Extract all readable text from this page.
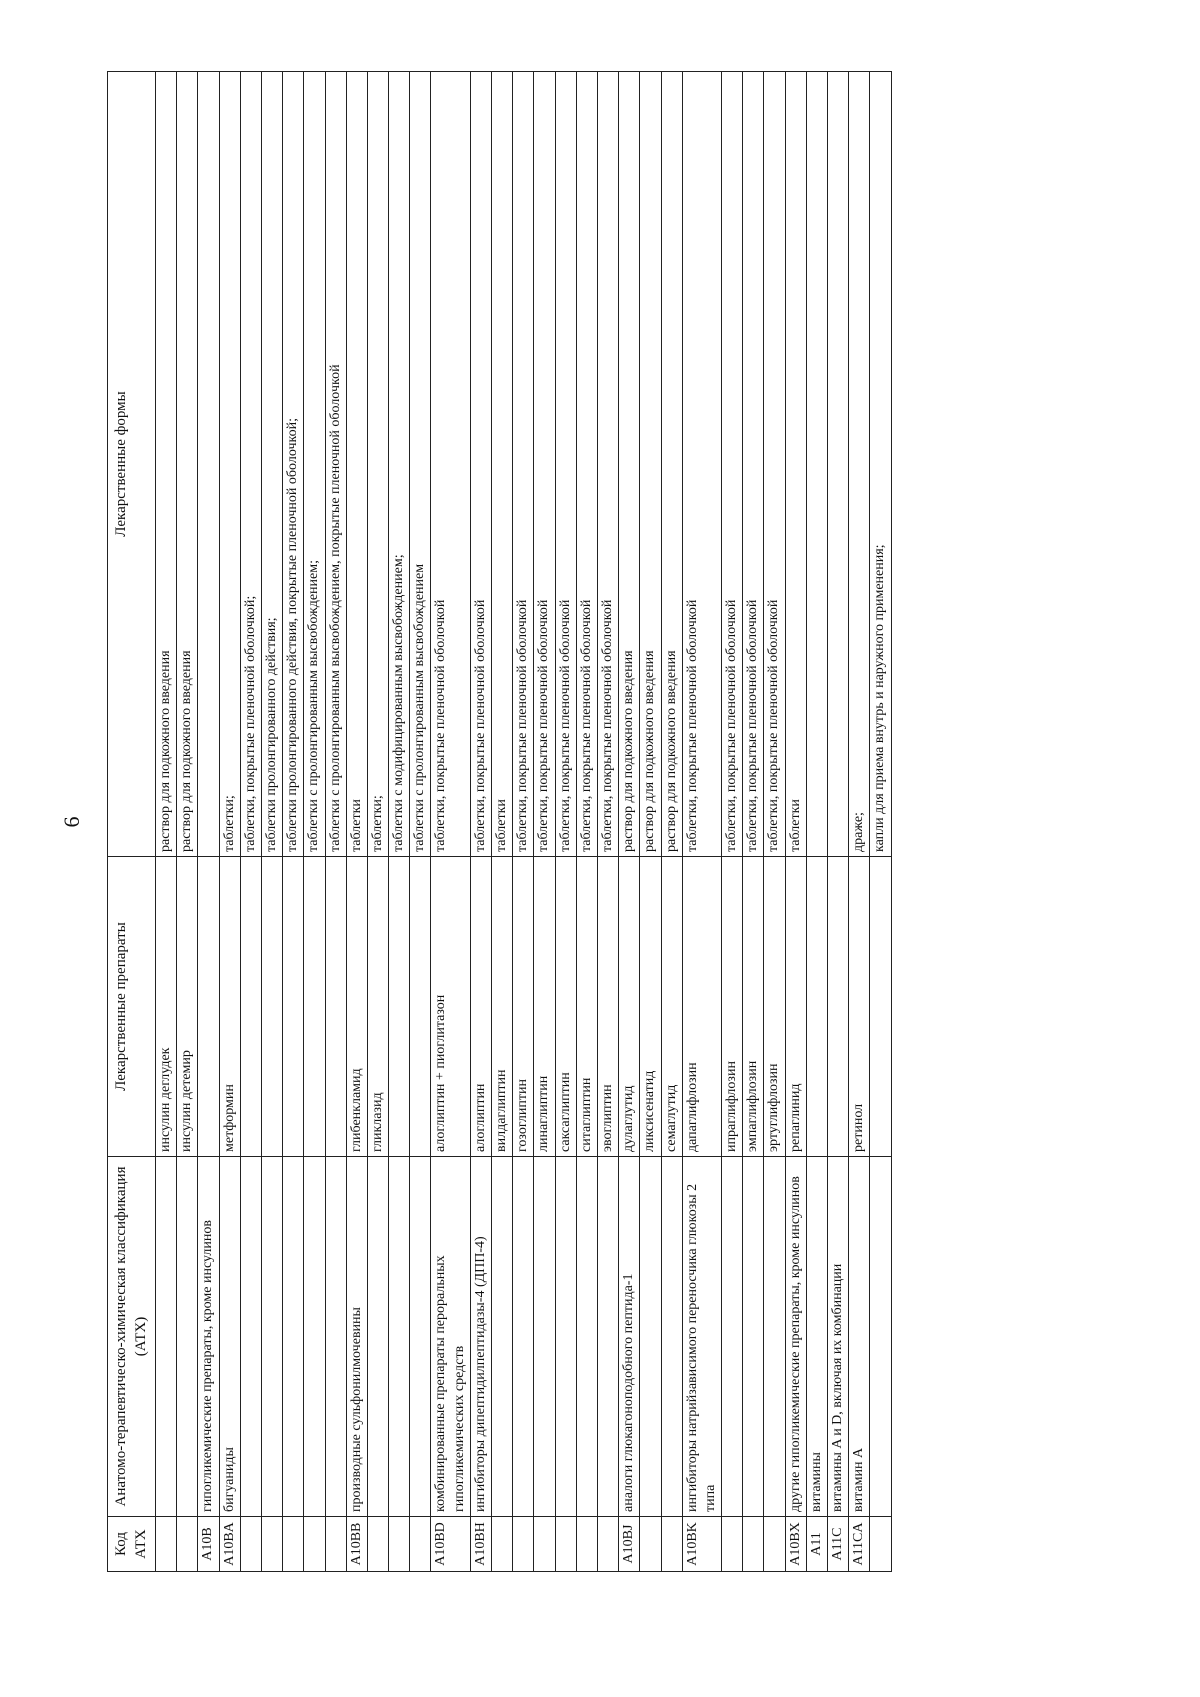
6
Код АТХ	Анатомо-терапевтическо-химическая классификация (АТХ)	Лекарственные препараты	Лекарственные формы
		инсулин деглудек	раствор для подкожного введения
		инсулин детемир	раствор для подкожного введения
A10B	гипогликемические препараты, кроме инсулинов		
A10BA	бигуаниды	метформин	таблетки;
			таблетки, покрытые пленочной оболочкой;
			таблетки пролонгированного действия;
			таблетки пролонгированного действия, покрытые пленочной оболочкой;
			таблетки с пролонгированным высвобождением;
			таблетки с пролонгированным высвобождением, покрытые пленочной оболочкой
A10BB	производные сульфонилмочевины	глибенкламид	таблетки
		гликлазид	таблетки;
			таблетки с модифицированным высвобождением;
			таблетки с пролонгированным высвобождением
A10BD	комбинированные препараты пероральных гипогликемических средств	алоглиптин + пиоглитазон	таблетки, покрытые пленочной оболочкой
A10BH	ингибиторы дипептидилпептидазы-4 (ДПП-4)	алоглиптин	таблетки, покрытые пленочной оболочкой
		вилдаглиптин	таблетки
		гозоглиптин	таблетки, покрытые пленочной оболочкой
		линаглиптин	таблетки, покрытые пленочной оболочкой
		саксаглиптин	таблетки, покрытые пленочной оболочкой
		ситаглиптин	таблетки, покрытые пленочной оболочкой
		эвоглиптин	таблетки, покрытые пленочной оболочкой
A10BJ	аналоги глюкагоноподобного пептида-1	дулаглутид	раствор для подкожного введения
		ликсисенатид	раствор для подкожного введения
		семаглутид	раствор для подкожного введения
A10BK	ингибиторы натрийзависимого переносчика глюкозы 2 типа	дапаглифлозин	таблетки, покрытые пленочной оболочкой
		ипраглифлозин	таблетки, покрытые пленочной оболочкой
		эмпаглифлозин	таблетки, покрытые пленочной оболочкой
		эртуглифлозин	таблетки, покрытые пленочной оболочкой
A10BX	другие гипогликемические препараты, кроме инсулинов	репаглинид	таблетки
A11	витамины		
A11C	витамины A и D, включая их комбинации		
A11CA	витамин A	ретинол	драже;
			капли для приема внутрь и наружного применения;
